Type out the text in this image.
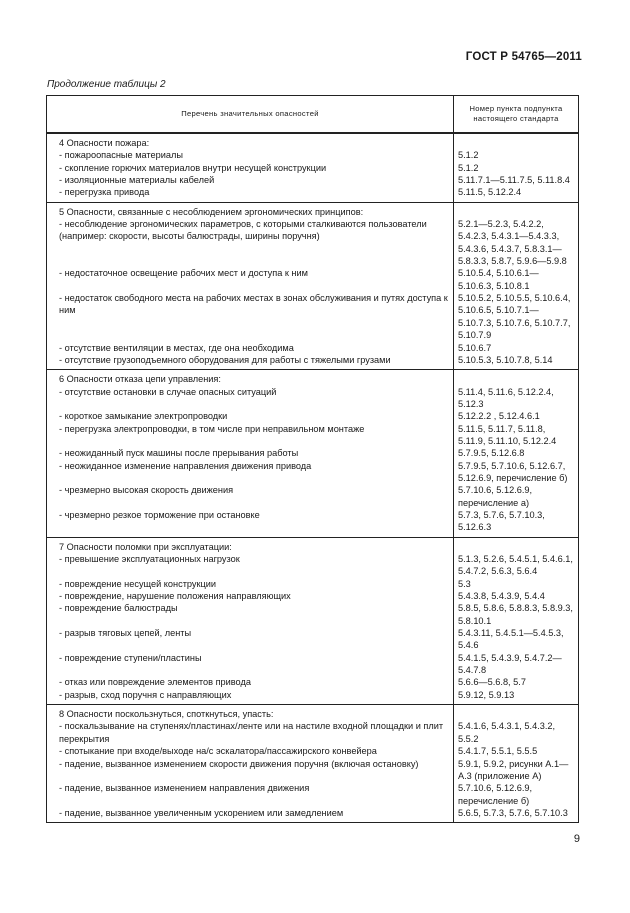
ГОСТ Р 54765—2011
Продолжение таблицы 2
Перечень значительных опасностей	Номер пункта подпункта настоящего стандарта
4 Опасности пожара:	
- пожароопасные материалы	5.1.2
- скопление горючих материалов внутри несущей конструкции	5.1.2
- изоляционные материалы кабелей	5.11.7.1—5.11.7.5, 5.11.8.4
- перегрузка привода	5.11.5, 5.12.2.4
5 Опасности, связанные с несоблюдением эргономических принципов:	
- несоблюдение эргономических параметров, с которыми сталкиваются пользователи (например: скорости, высоты балюстрады, ширины поручня)	5.2.1—5.2.3, 5.4.2.2, 5.4.2.3, 5.4.3.1—5.4.3.3, 5.4.3.6, 5.4.3.7, 5.8.3.1—5.8.3.3, 5.8.7, 5.9.6—5.9.8
- недостаточное освещение рабочих мест и доступа к ним	5.10.5.4, 5.10.6.1—5.10.6.3, 5.10.8.1
- недостаток свободного места на рабочих местах в зонах обслуживания и путях доступа к ним	5.10.5.2, 5.10.5.5, 5.10.6.4, 5.10.6.5, 5.10.7.1—5.10.7.3, 5.10.7.6, 5.10.7.7, 5.10.7.9
- отсутствие вентиляции в местах, где она необходима	5.10.6.7
- отсутствие грузоподъемного оборудования для работы с тяжелыми грузами	5.10.5.3, 5.10.7.8, 5.14
6 Опасности отказа цепи управления:	
- отсутствие остановки в случае опасных ситуаций	5.11.4, 5.11.6, 5.12.2.4, 5.12.3
- короткое замыкание электропроводки	5.12.2.2 , 5.12.4.6.1
- перегрузка электропроводки, в том числе при неправильном монтаже	5.11.5, 5.11.7, 5.11.8, 5.11.9, 5.11.10, 5.12.2.4
- неожиданный пуск машины после прерывания работы	5.7.9.5, 5.12.6.8
- неожиданное изменение направления движения привода	5.7.9.5, 5.7.10.6, 5.12.6.7, 5.12.6.9, перечисление б)
- чрезмерно высокая скорость движения	5.7.10.6, 5.12.6.9, перечисление а)
- чрезмерно резкое торможение при остановке	5.7.3, 5.7.6, 5.7.10.3, 5.12.6.3
7 Опасности поломки при эксплуатации:	
- превышение эксплуатационных нагрузок	5.1.3, 5.2.6, 5.4.5.1, 5.4.6.1, 5.4.7.2, 5.6.3, 5.6.4
- повреждение несущей конструкции	5.3
- повреждение, нарушение положения направляющих	5.4.3.8, 5.4.3.9, 5.4.4
- повреждение балюстрады	5.8.5, 5.8.6, 5.8.8.3, 5.8.9.3, 5.8.10.1
- разрыв тяговых цепей, ленты	5.4.3.11, 5.4.5.1—5.4.5.3, 5.4.6
- повреждение ступени/пластины	5.4.1.5, 5.4.3.9, 5.4.7.2—5.4.7.8
- отказ или повреждение элементов привода	5.6.6—5.6.8, 5.7
- разрыв, сход поручня с направляющих	5.9.12, 5.9.13
8 Опасности поскользнуться, споткнуться, упасть:	
- поскальзывание на ступенях/пластинах/ленте или на настиле входной площадки и плит перекрытия	5.4.1.6, 5.4.3.1, 5.4.3.2, 5.5.2
- спотыкание при входе/выходе на/с эскалатора/пассажирского конвейера	5.4.1.7, 5.5.1, 5.5.5
- падение, вызванное изменением скорости движения поручня (включая остановку)	5.9.1, 5.9.2, рисунки А.1—А.3 (приложение А)
- падение, вызванное изменением направления движения	5.7.10.6, 5.12.6.9, перечисление б)
- падение, вызванное увеличенным ускорением или замедлением	5.6.5, 5.7.3, 5.7.6, 5.7.10.3
9
